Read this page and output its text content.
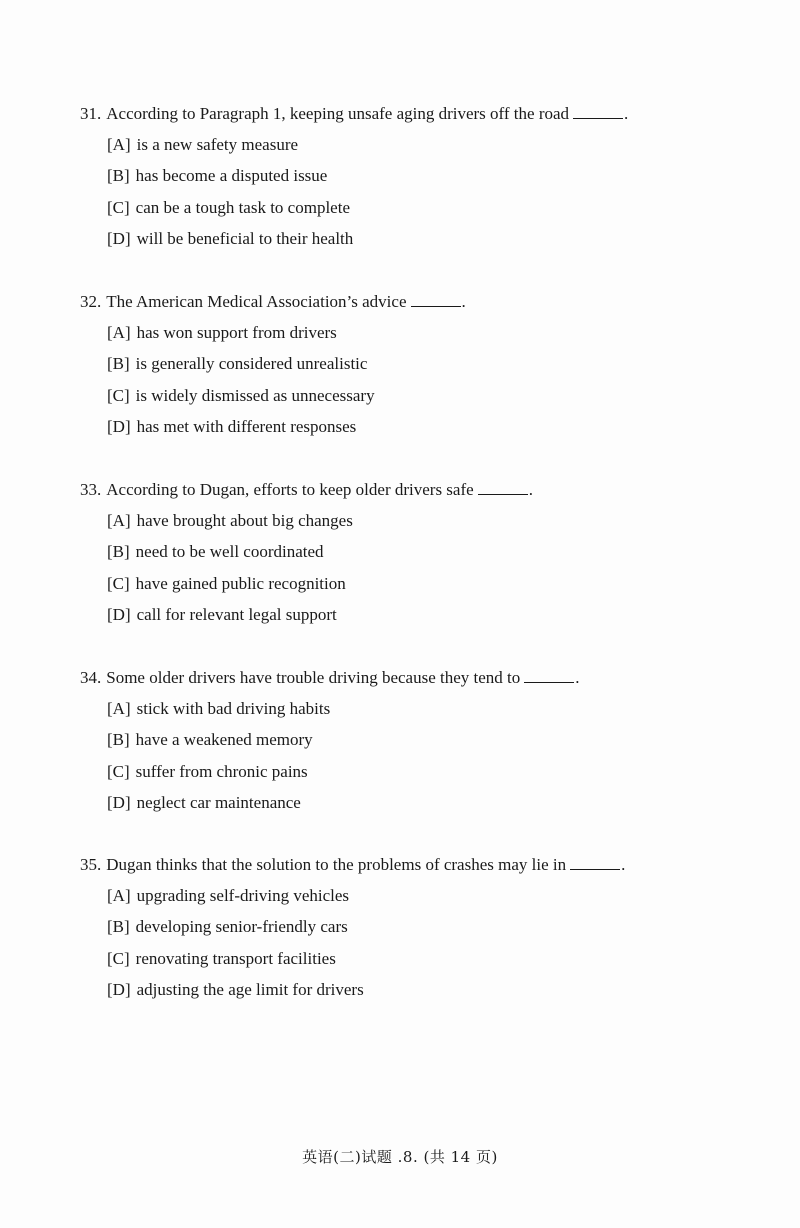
31. According to Paragraph 1, keeping unsafe aging drivers off the road	.
[A] is a new safety measure
[B] has become a disputed issue
[C] can be a tough task to complete
[D] will be beneficial to their health
32. The American Medical Association’s advice	.
[A] has won support from drivers
[B] is generally considered unrealistic
[C] is widely dismissed as unnecessary
[D] has met with different responses
33. According to Dugan, efforts to keep older drivers safe	.
[A] have brought about big changes
[B] need to be well coordinated
[C] have gained public recognition
[D] call for relevant legal support
34. Some older drivers have trouble driving because they tend to	.
[A] stick with bad driving habits
[B] have a weakened memory
[C] suffer from chronic pains
[D] neglect car maintenance
35. Dugan thinks that the solution to the problems of crashes may lie in	.
[A] upgrading self-driving vehicles
[B] developing senior-friendly cars
[C] renovating transport facilities
[D] adjusting the age limit for drivers
英语(二)试题 .8. (共 14 页)
